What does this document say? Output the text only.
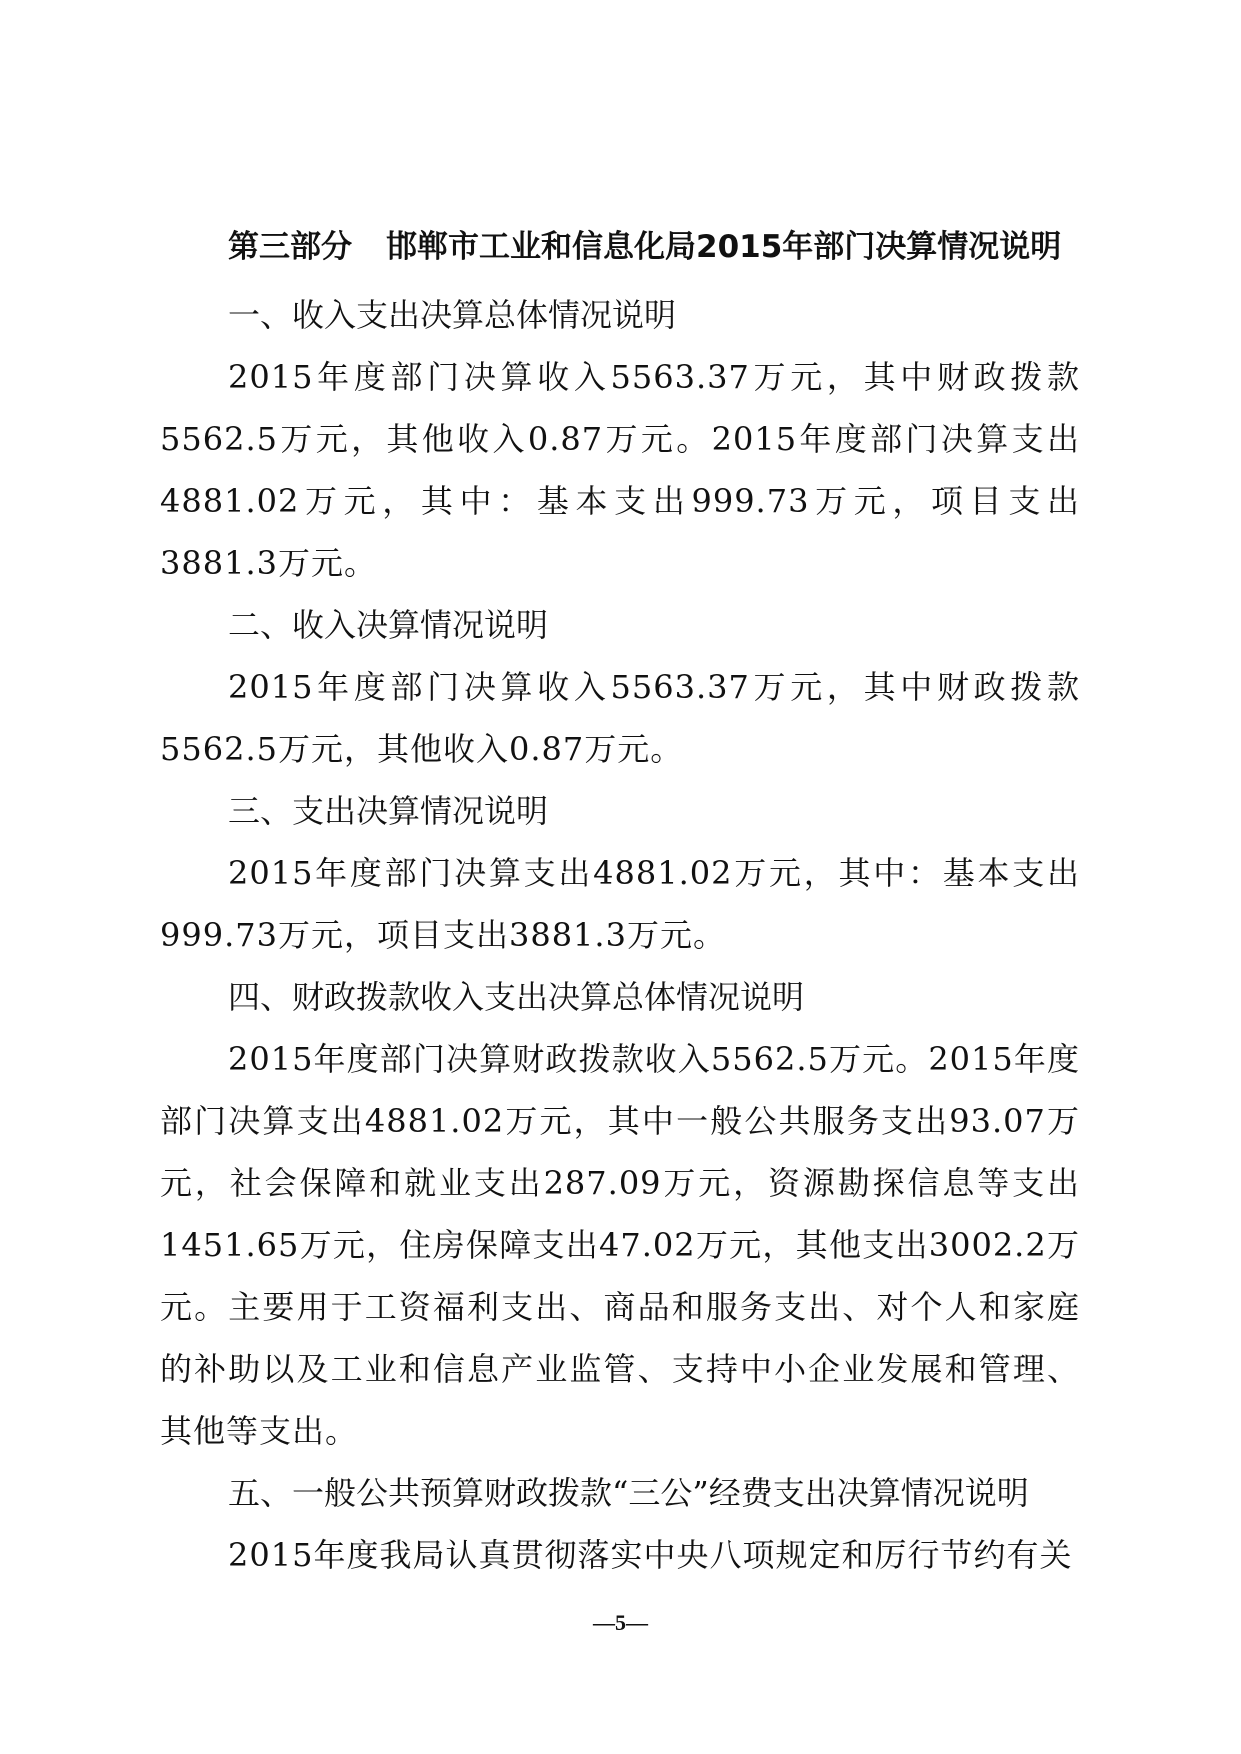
第三部分 邯郸市工业和信息化局2015年部门决算情况说明

一、收入支出决算总体情况说明

2015年度部门决算收入5563.37万元，其中财政拨款5562.5万元，其他收入0.87万元。2015年度部门决算支出4881.02万元，其中：基本支出999.73万元，项目支出3881.3万元。

二、收入决算情况说明

2015年度部门决算收入5563.37万元，其中财政拨款5562.5万元，其他收入0.87万元。

三、支出决算情况说明

2015年度部门决算支出4881.02万元，其中：基本支出999.73万元，项目支出3881.3万元。

四、财政拨款收入支出决算总体情况说明

2015年度部门决算财政拨款收入5562.5万元。2015年度部门决算支出4881.02万元，其中一般公共服务支出93.07万元，社会保障和就业支出287.09万元，资源勘探信息等支出1451.65万元，住房保障支出47.02万元，其他支出3002.2万元。主要用于工资福利支出、商品和服务支出、对个人和家庭的补助以及工业和信息产业监管、支持中小企业发展和管理、其他等支出。

五、一般公共预算财政拨款“三公”经费支出决算情况说明

2015年度我局认真贯彻落实中央八项规定和厉行节约有关

—5—
